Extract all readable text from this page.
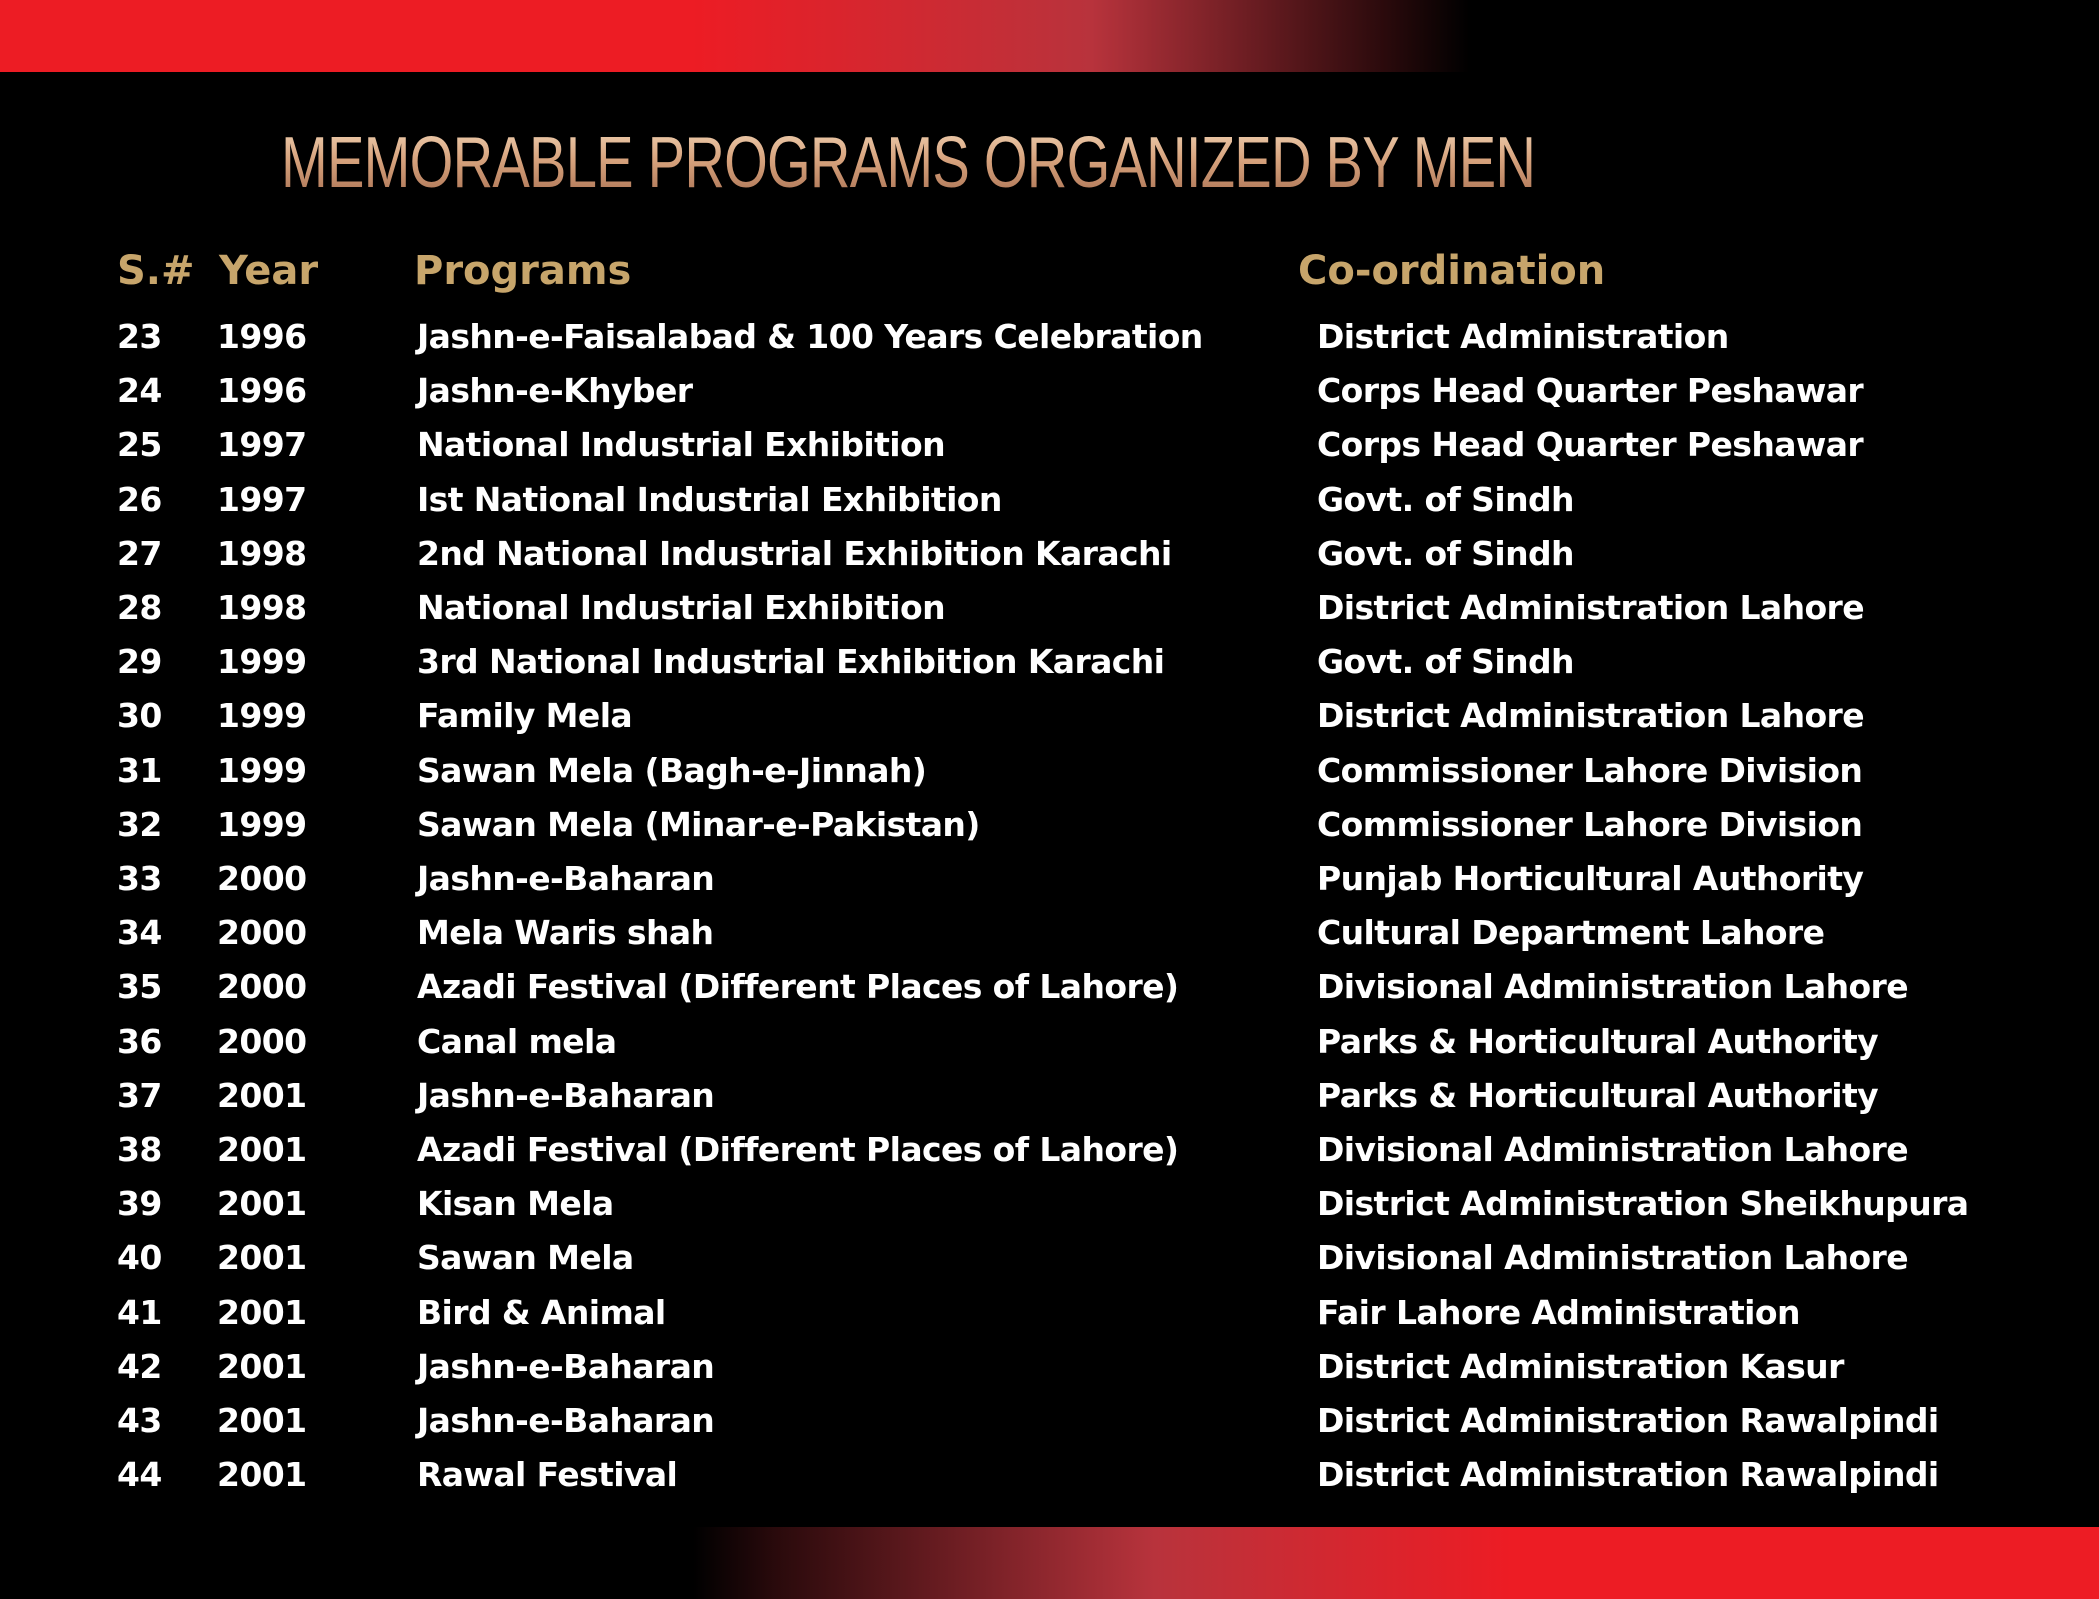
MEMORABLE PROGRAMS ORGANIZED BY MEN
S.# Year Programs	Co-ordination
23 1996	Jashn-e-Faisalabad & 100 Years Celebration	District Administration
24 1996	Jashn-e-Khyber	Corps Head Quarter Peshawar
25 1997	National Industrial Exhibition	Corps Head Quarter Peshawar
26 1997	Ist National Industrial Exhibition	Govt. of Sindh
27 1998	2nd National Industrial Exhibition Karachi	Govt. of Sindh
28 1998	National Industrial Exhibition	District Administration Lahore
29 1999	3rd National Industrial Exhibition Karachi	Govt. of Sindh
30 1999	Family Mela	District Administration Lahore
31 1999	Sawan Mela (Bagh-e-Jinnah)	Commissioner Lahore Division
32 1999	Sawan Mela (Minar-e-Pakistan)	Commissioner Lahore Division
33 2000	Jashn-e-Baharan	Punjab Horticultural Authority
34 2000	Mela Waris shah	Cultural Department Lahore
35 2000	Azadi Festival (Different Places of Lahore)	Divisional Administration Lahore
36 2000	Canal mela	Parks & Horticultural Authority
37 2001	Jashn-e-Baharan	Parks & Horticultural Authority
38 2001	Azadi Festival (Different Places of Lahore)	Divisional Administration Lahore
39 2001	Kisan Mela	District Administration Sheikhupura
40 2001	Sawan Mela	Divisional Administration Lahore
41 2001	Bird & Animal	Fair Lahore Administration
42 2001	Jashn-e-Baharan	District Administration Kasur
43 2001	Jashn-e-Baharan	District Administration Rawalpindi
44 2001	Rawal Festival	District Administration Rawalpindi
